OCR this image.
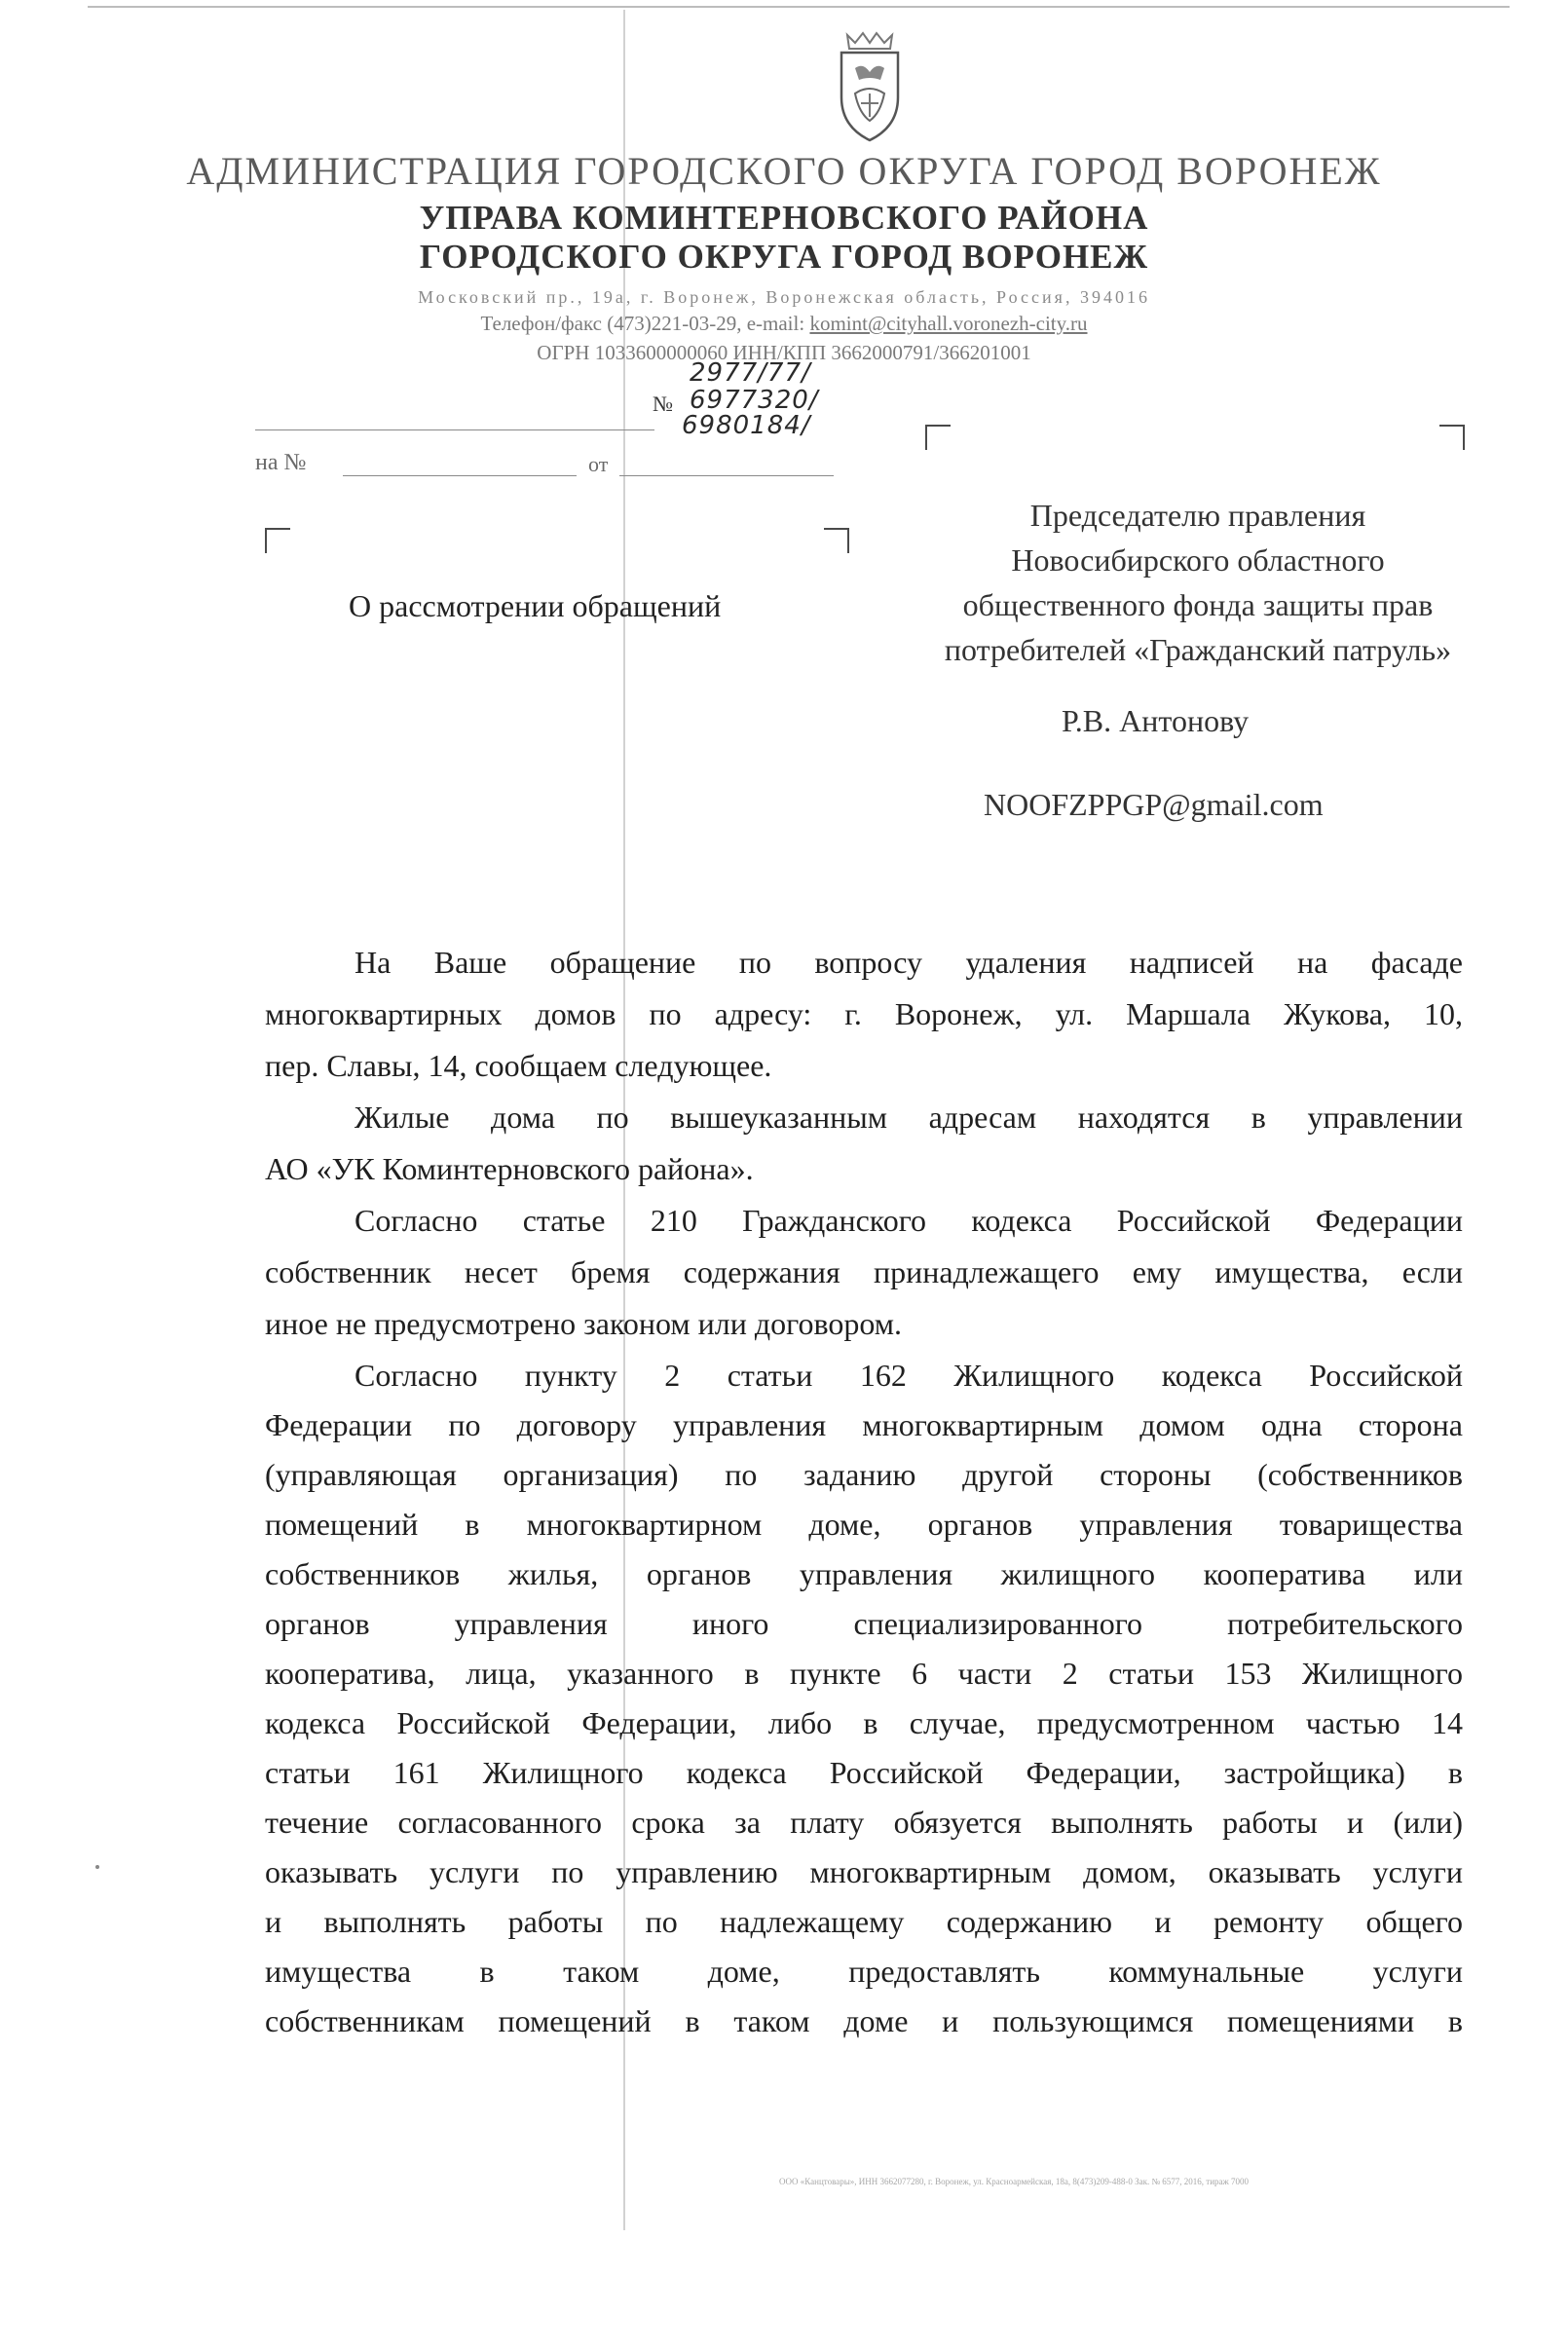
АДМИНИСТРАЦИЯ ГОРОДСКОГО ОКРУГА ГОРОД ВОРОНЕЖ
УПРАВА КОМИНТЕРНОВСКОГО РАЙОНА
ГОРОДСКОГО ОКРУГА ГОРОД ВОРОНЕЖ
Московский пр., 19а, г. Воронеж, Воронежская область, Россия, 394016
Телефон/факс (473)221-03-29, e-mail: komint@cityhall.voronezh-city.ru
ОГРН 1033600000060 ИНН/КПП 3662000791/366201001
№
2977/77/
6977320/
6980184/
на №	от
О рассмотрении обращений
Председателю правления
Новосибирского областного
общественного фонда защиты прав
потребителей «Гражданский патруль»
Р.В. Антонову
NOOFZPPGP@gmail.com
На Ваше обращение по вопросу удаления надписей на фасаде
многоквартирных домов по адресу: г. Воронеж, ул. Маршала Жукова, 10,
пер. Славы, 14, сообщаем следующее.
Жилые дома по вышеуказанным адресам находятся в управлении
АО «УК Коминтерновского района».
Согласно статье 210 Гражданского кодекса Российской Федерации
собственник несет бремя содержания принадлежащего ему имущества, если
иное не предусмотрено законом или договором.
Согласно пункту 2 статьи 162 Жилищного кодекса Российской
Федерации по договору управления многоквартирным домом одна сторона
(управляющая организация) по заданию другой стороны (собственников
помещений в многоквартирном доме, органов управления товарищества
собственников жилья, органов управления жилищного кооператива или
органов управления иного специализированного потребительского
кооператива, лица, указанного в пункте 6 части 2 статьи 153 Жилищного
кодекса Российской Федерации, либо в случае, предусмотренном частью 14
статьи 161 Жилищного кодекса Российской Федерации, застройщика) в
течение согласованного срока за плату обязуется выполнять работы и (или)
оказывать услуги по управлению многоквартирным домом, оказывать услуги
и выполнять работы по надлежащему содержанию и ремонту общего
имущества в таком доме, предоставлять коммунальные услуги
собственникам помещений в таком доме и пользующимся помещениями в
ООО «Канцтовары», ИНН 3662077280, г. Воронеж, ул. Красноармейская, 18а, 8(473)209-488-0 Зак. № 6577, 2016, тираж 7000
